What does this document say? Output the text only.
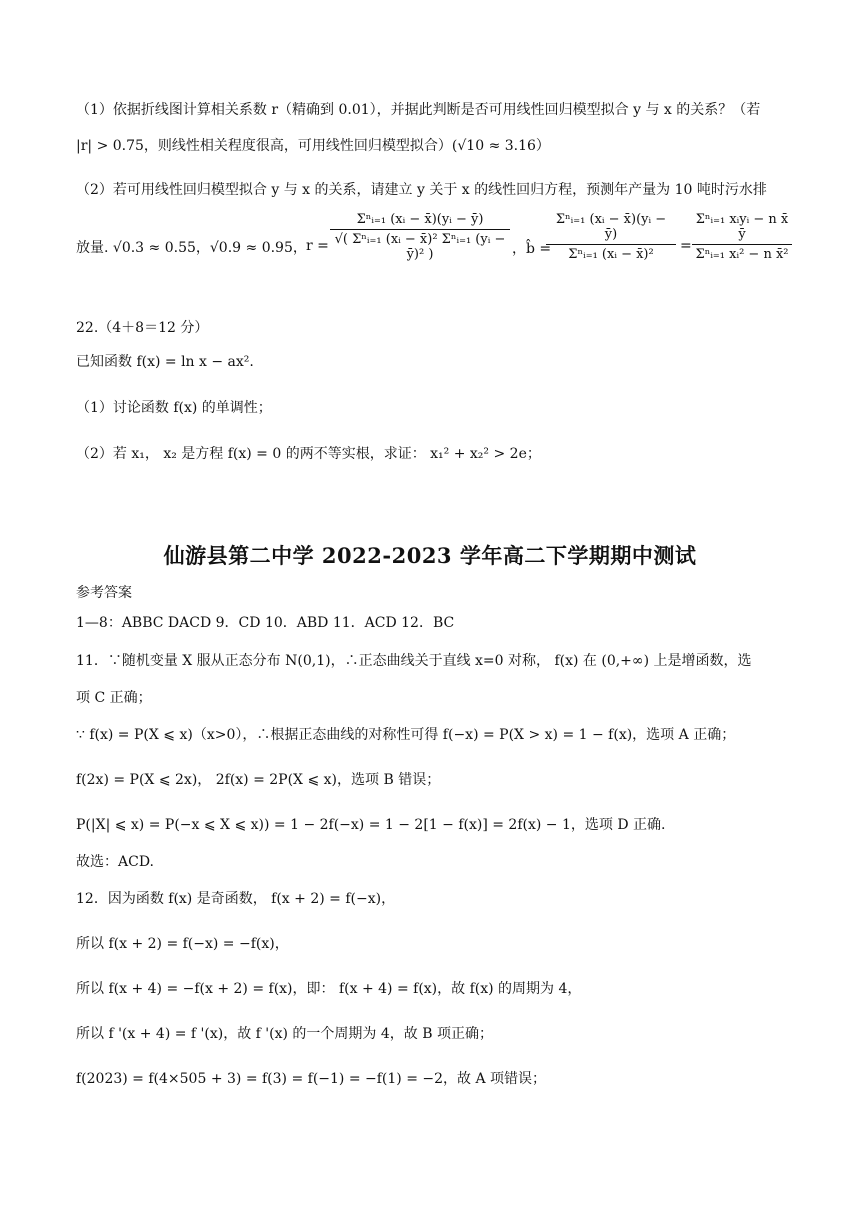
（1）依据折线图计算相关系数 r（精确到 0.01），并据此判断是否可用线性回归模型拟合 y 与 x 的关系？（若
|r| > 0.75，则线性相关程度很高，可用线性回归模型拟合）(√10 ≈ 3.16）
（2）若可用线性回归模型拟合 y 与 x 的关系，请建立 y 关于 x 的线性回归方程，预测年产量为 10 吨时污水排
放量. √0.3 ≈ 0.55，√0.9 ≈ 0.95， r =
Σⁿᵢ₌₁ (xᵢ − x̄)(yᵢ − ȳ)
√( Σⁿᵢ₌₁ (xᵢ − x̄)² Σⁿᵢ₌₁ (yᵢ − ȳ)² )	，b̂ =
Σⁿᵢ₌₁ (xᵢ − x̄)(yᵢ − ȳ)
Σⁿᵢ₌₁ (xᵢ − x̄)²
=
Σⁿᵢ₌₁ xᵢyᵢ − n x̄ ȳ
Σⁿᵢ₌₁ xᵢ² − n x̄²
22.（4＋8＝12 分）
已知函数 f(x) = ln x − ax².
（1）讨论函数 f(x) 的单调性；
（2）若 x₁， x₂ 是方程 f(x) = 0 的两不等实根，求证： x₁² + x₂² > 2e；
仙游县第二中学 2022-2023 学年高二下学期期中测试
参考答案
1—8：ABBC DACD 9．CD 10．ABD 11．ACD 12．BC
11．∵随机变量 X 服从正态分布 N(0,1)，∴正态曲线关于直线 x=0 对称， f(x) 在 (0,+∞) 上是增函数，选
项 C 正确；
∵ f(x) = P(X ⩽ x)（x>0），∴根据正态曲线的对称性可得 f(−x) = P(X > x) = 1 − f(x)，选项 A 正确；
f(2x) = P(X ⩽ 2x)， 2f(x) = 2P(X ⩽ x)，选项 B 错误；
P(|X| ⩽ x) = P(−x ⩽ X ⩽ x)) = 1 − 2f(−x) = 1 − 2[1 − f(x)] = 2f(x) − 1，选项 D 正确.
故选：ACD.
12．因为函数 f(x) 是奇函数， f(x + 2) = f(−x)，
所以 f(x + 2) = f(−x) = −f(x)，
所以 f(x + 4) = −f(x + 2) = f(x)，即： f(x + 4) = f(x)，故 f(x) 的周期为 4，
所以 f '(x + 4) = f '(x)，故 f '(x) 的一个周期为 4，故 B 项正确；
f(2023) = f(4×505 + 3) = f(3) = f(−1) = −f(1) = −2，故 A 项错误；
